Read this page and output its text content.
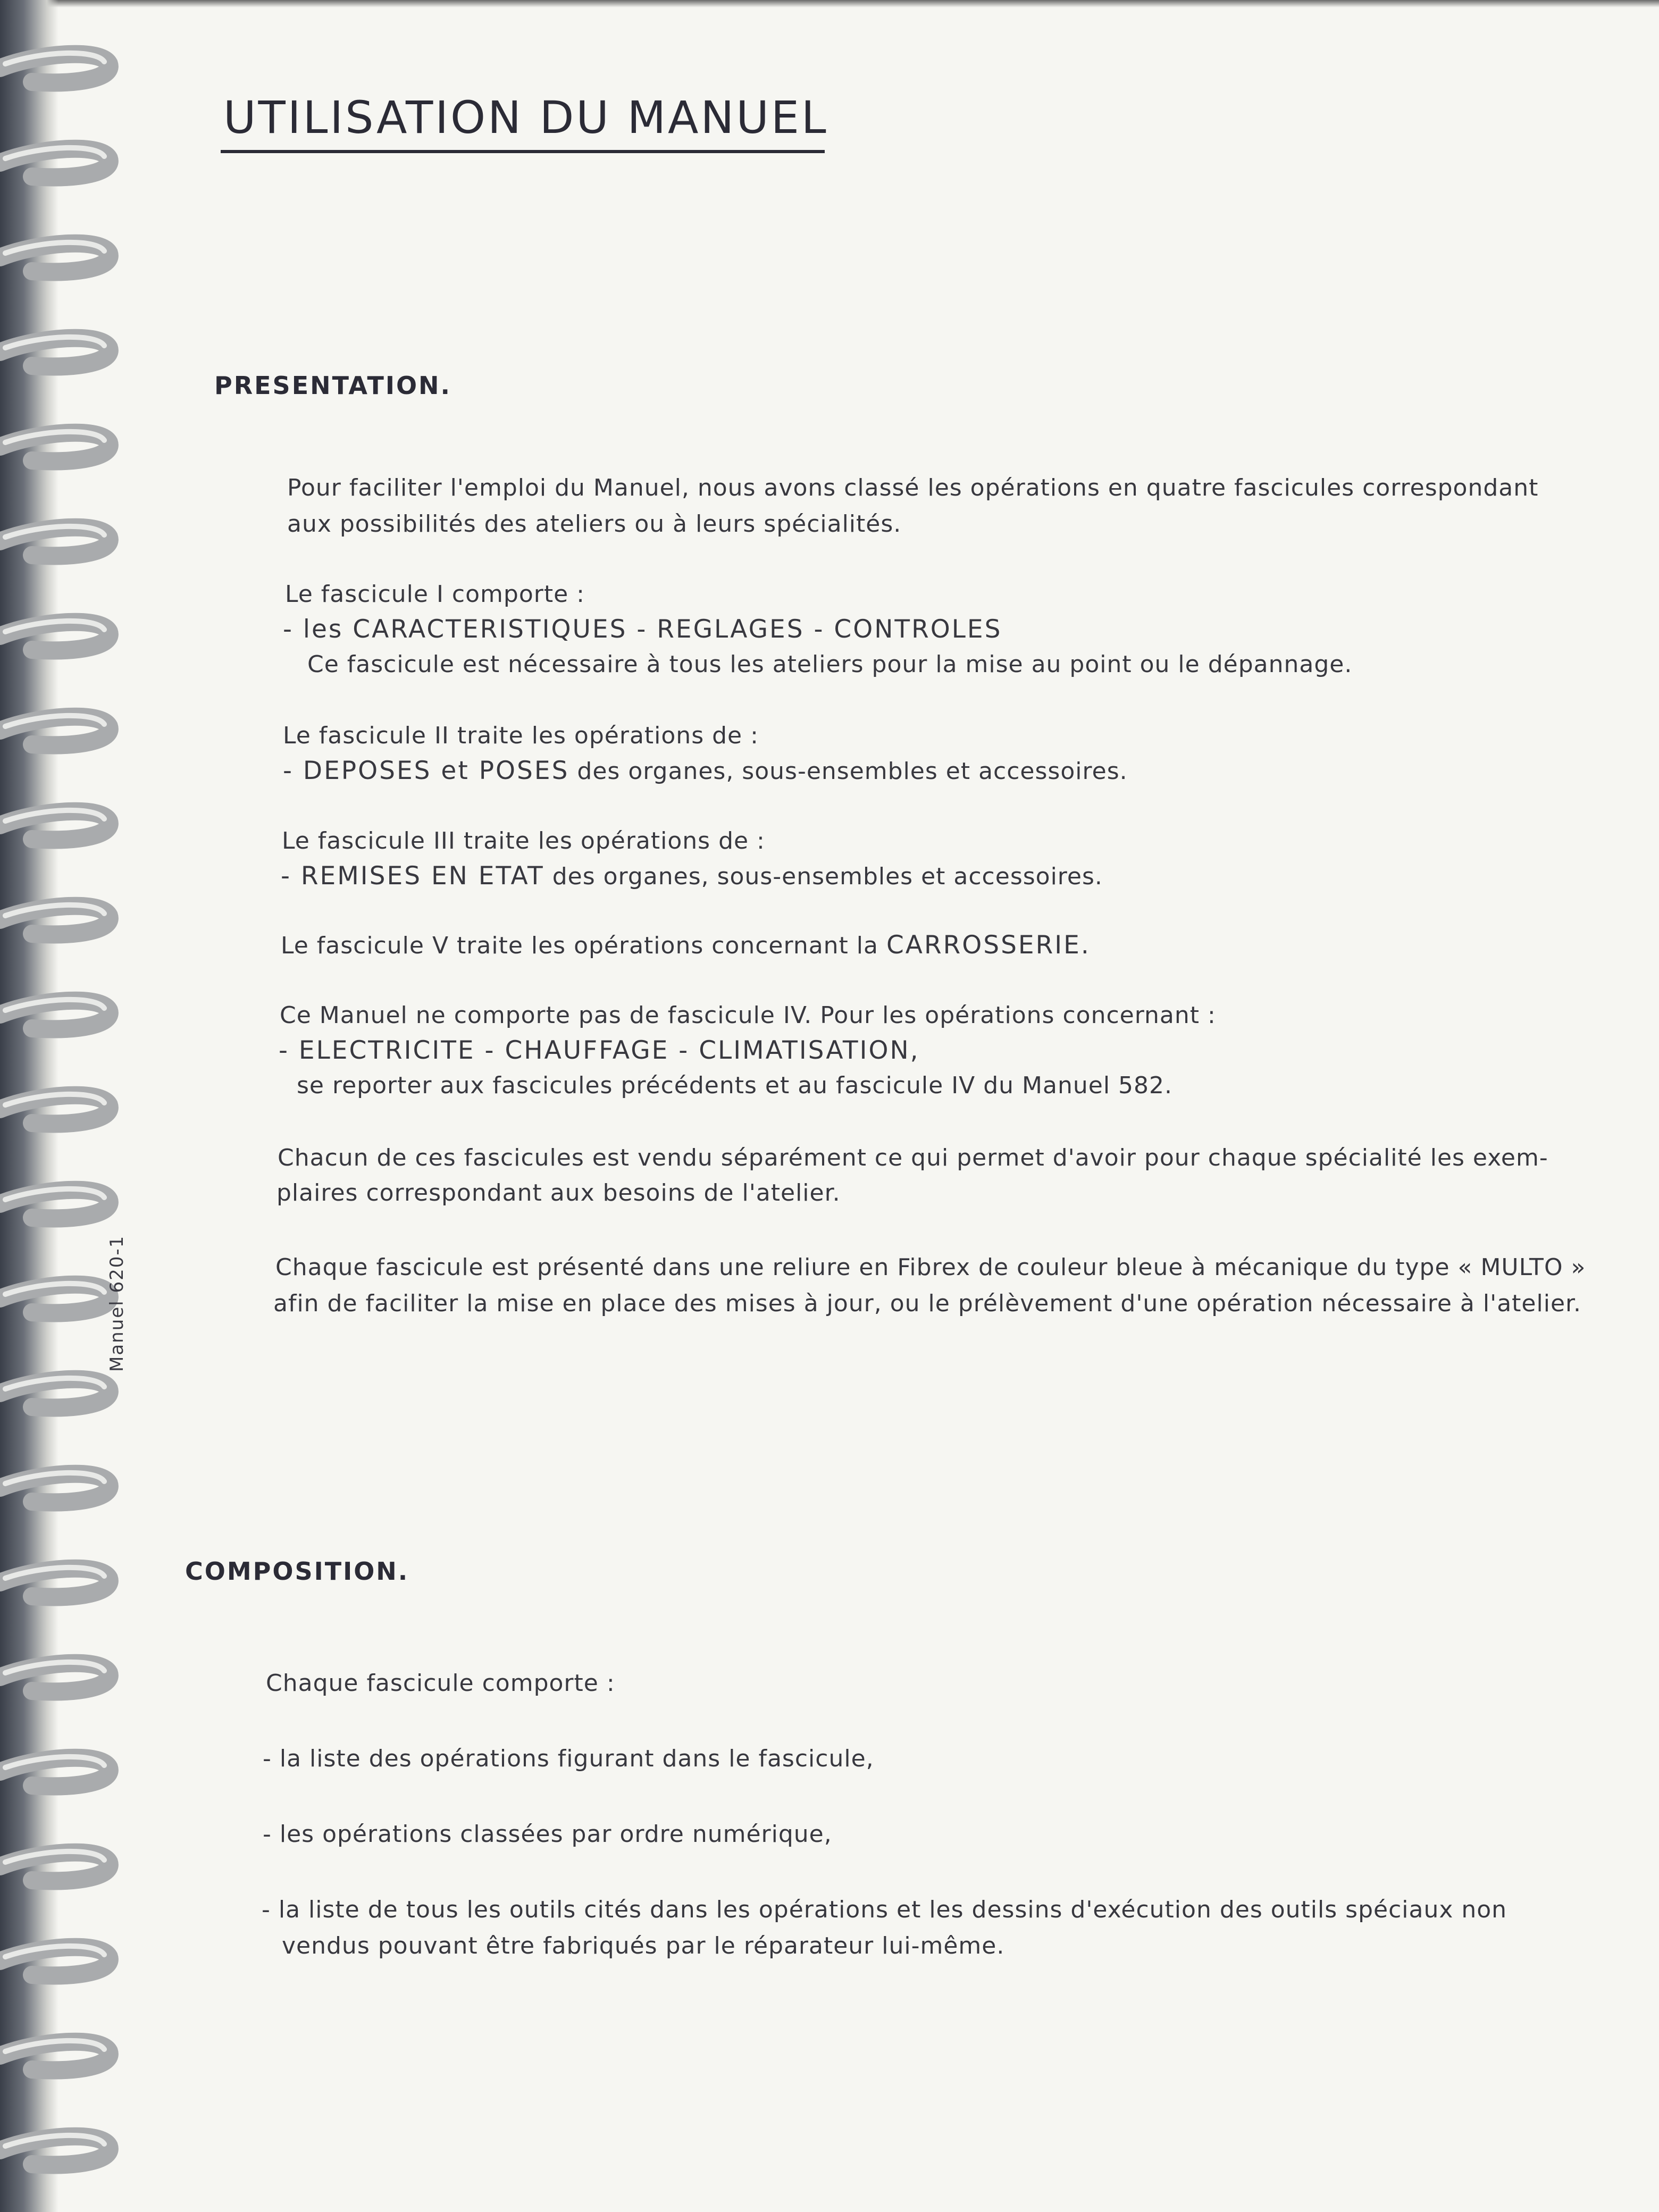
UTILISATION DU MANUEL
Manuel 620-1
PRESENTATION.
Pour faciliter l'emploi du Manuel, nous avons classé les opérations en quatre fascicules correspondant
aux possibilités des ateliers ou à leurs spécialités.
Le fascicule I comporte :
- les CARACTERISTIQUES - REGLAGES - CONTROLES
Ce fascicule est nécessaire à tous les ateliers pour la mise au point ou le dépannage.
Le fascicule II traite les opérations de :
- DEPOSES et POSES des organes, sous-ensembles et accessoires.
Le fascicule III traite les opérations de :
- REMISES EN ETAT des organes, sous-ensembles et accessoires.
Le fascicule V traite les opérations concernant la CARROSSERIE.
Ce Manuel ne comporte pas de fascicule IV. Pour les opérations concernant :
- ELECTRICITE - CHAUFFAGE - CLIMATISATION,
se reporter aux fascicules précédents et au fascicule IV du Manuel 582.
Chacun de ces fascicules est vendu séparément ce qui permet d'avoir pour chaque spécialité les exem-
plaires correspondant aux besoins de l'atelier.
Chaque fascicule est présenté dans une reliure en Fibrex de couleur bleue à mécanique du type « MULTO »
afin de faciliter la mise en place des mises à jour, ou le prélèvement d'une opération nécessaire à l'atelier.
COMPOSITION.
Chaque fascicule comporte :
- la liste des opérations figurant dans le fascicule,
- les opérations classées par ordre numérique,
- la liste de tous les outils cités dans les opérations et les dessins d'exécution des outils spéciaux non
vendus pouvant être fabriqués par le réparateur lui-même.
